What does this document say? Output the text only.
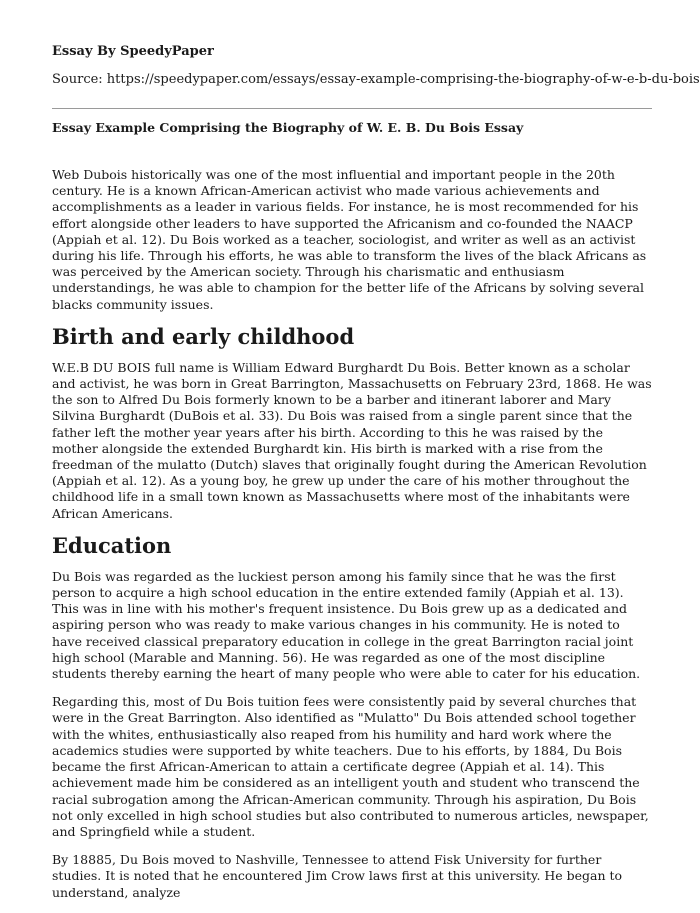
Essay By SpeedyPaper
Source: https://speedypaper.com/essays/essay-example-comprising-the-biography-of-w-e-b-du-bois
Essay Example Comprising the Biography of W. E. B. Du Bois Essay

Web Dubois historically was one of the most influential and important people in the 20th century. He is a known African-American activist who made various achievements and accomplishments as a leader in various fields. For instance, he is most recommended for his effort alongside other leaders to have supported the Africanism and co-founded the NAACP (Appiah et al. 12). Du Bois worked as a teacher, sociologist, and writer as well as an activist during his life. Through his efforts, he was able to transform the lives of the black Africans as was perceived by the American society. Through his charismatic and enthusiasm understandings, he was able to champion for the better life of the Africans by solving several blacks community issues.

Birth and early childhood

W.E.B DU BOIS full name is William Edward Burghardt Du Bois. Better known as a scholar and activist, he was born in Great Barrington, Massachusetts on February 23rd, 1868. He was the son to Alfred Du Bois formerly known to be a barber and itinerant laborer and Mary Silvina Burghardt (DuBois et al. 33). Du Bois was raised from a single parent since that the father left the mother year years after his birth. According to this he was raised by the mother alongside the extended Burghardt kin. His birth is marked with a rise from the freedman of the mulatto (Dutch) slaves that originally fought during the American Revolution (Appiah et al. 12). As a young boy, he grew up under the care of his mother throughout the childhood life in a small town known as Massachusetts where most of the inhabitants were African Americans.

Education

Du Bois was regarded as the luckiest person among his family since that he was the first person to acquire a high school education in the entire extended family (Appiah et al. 13). This was in line with his mother's frequent insistence. Du Bois grew up as a dedicated and aspiring person who was ready to make various changes in his community. He is noted to have received classical preparatory education in college in the great Barrington racial joint high school (Marable and Manning. 56). He was regarded as one of the most discipline students thereby earning the heart of many people who were able to cater for his education.

Regarding this, most of Du Bois tuition fees were consistently paid by several churches that were in the Great Barrington. Also identified as "Mulatto" Du Bois attended school together with the whites, enthusiastically also reaped from his humility and hard work where the academics studies were supported by white teachers. Due to his efforts, by 1884, Du Bois became the first African-American to attain a certificate degree (Appiah et al. 14). This achievement made him be considered as an intelligent youth and student who transcend the racial subrogation among the African-American community. Through his aspiration, Du Bois not only excelled in high school studies but also contributed to numerous articles, newspaper, and Springfield while a student.

By 18885, Du Bois moved to Nashville, Tennessee to attend Fisk University for further studies. It is noted that he encountered Jim Crow laws first at this university. He began to understand, analyze
